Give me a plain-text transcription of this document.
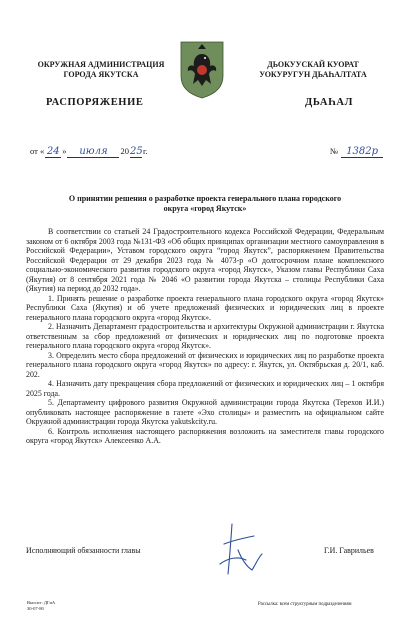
ОКРУЖНАЯ АДМИНИСТРАЦИЯ
ГОРОДА ЯКУТСКА
ДЬОКУУСКАЙ КУОРАТ
УОКУРУГУН ДЬАҺАЛТАТА
РАСПОРЯЖЕНИЕ	ДЬАҺАЛ
от « 24 »	июля	20 25 г.	№ 1382р
О принятии решения о разработке проекта генерального плана городского округа «город Якутск»

В соответствии со статьей 24 Градостроительного кодекса Российской Федерации, Федеральным законом от 6 октября 2003 года №131-ФЗ «Об общих принципах организации местного самоуправления в Российской Федерации», Уставом городского округа “город Якутск”, распоряжением Правительства Российской Федерации от 29 декабря 2023 года № 4073-р «О долгосрочном плане комплексного социально-экономического развития городского округа «город Якутск», Указом главы Республики Саха (Якутия) от 8 сентября 2021 года № 2046 «О развитии города Якутска – столицы Республики Саха (Якутия) на период до 2032 года».

1. Принять решение о разработке проекта генерального плана городского округа «город Якутск» Республики Саха (Якутия) и об учете предложений физических и юридических лиц в проекте генерального плана городского округа «город Якутск».

2. Назначить Департамент градостроительства и архитектуры Окружной администрации г. Якутска ответственным за сбор предложений от физических и юридических лиц по подготовке проекта генерального плана городского округа «город Якутск».

3. Определить место сбора предложений от физических и юридических лиц по разработке проекта генерального плана городского округа «город Якутск» по адресу: г. Якутск, ул. Октябрьская д. 20/1, каб. 202.

4. Назначить дату прекращения сбора предложений от физических и юридических лиц – 1 октября 2025 года.

5. Департаменту цифрового развития Окружной администрации города Якутска (Терехов И.И.) опубликовать настоящее распоряжение в газете «Эхо столицы» и разместить на официальном сайте Окружной администрации города Якутска yakutskcity.ru.

6. Контроль исполнения настоящего распоряжения возложить на заместителя главы городского округа «город Якутск» Алексеенко А.А.

Исполняющий обязанности главы	Г.И. Гаврильев
Вносит: ДГиА
30-07-80
Рассылка: всем структурным подразделениям
